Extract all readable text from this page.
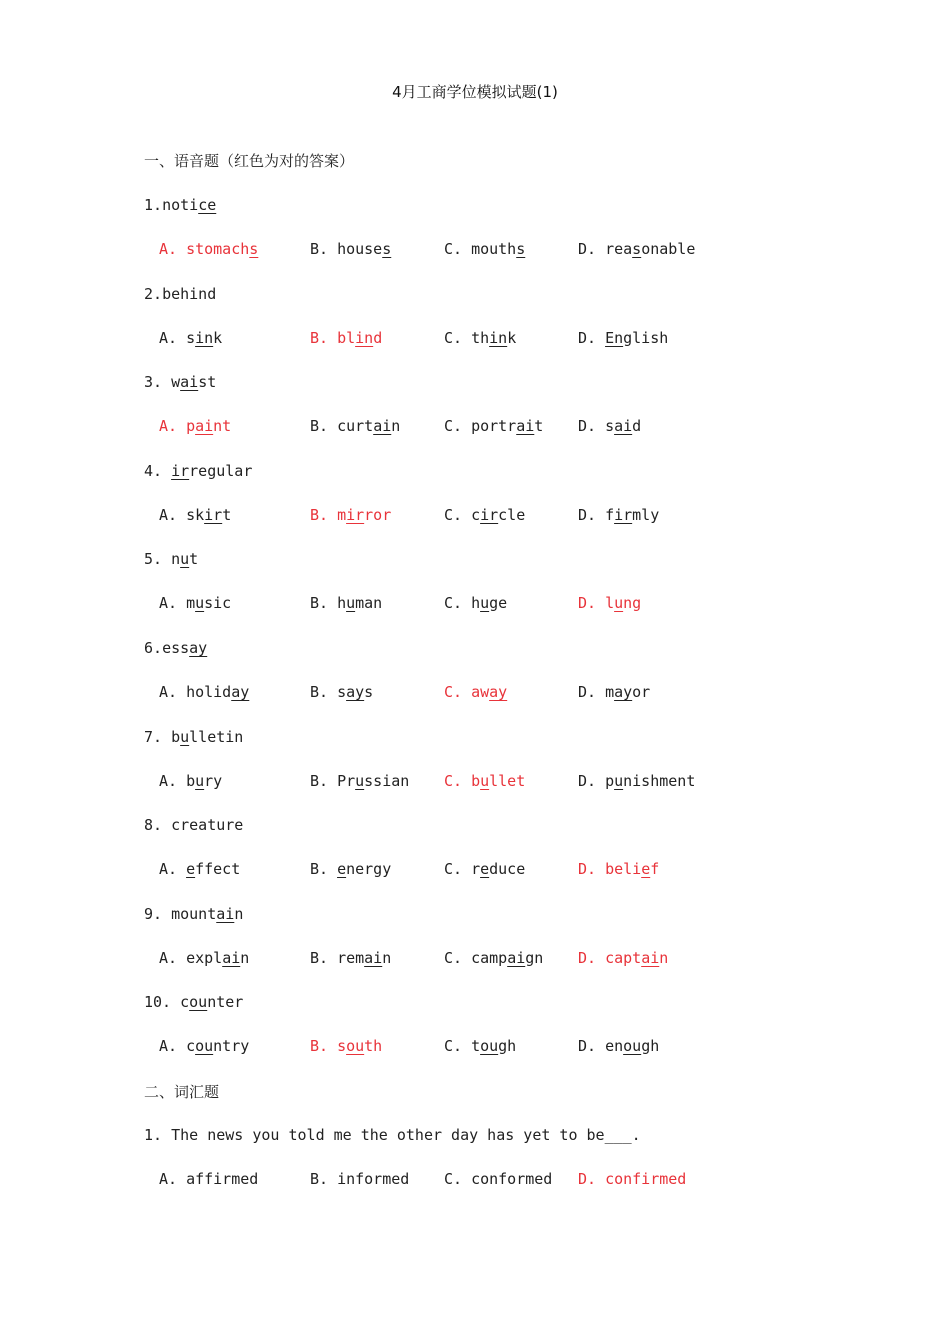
4月工商学位模拟试题(1)
一、语音题（红色为对的答案）
1.notice
A. stomachs	B. houses	C. mouths	D. reasonable
2.behind
A. sink	B. blind	C. think	D. English
3. waist
A. paint	B. curtain	C. portrait D. said
4. irregular
A. skirt	B. mirror	C. circle	D. firmly
5. nut
A. music	B. human	C. huge	D. lung
6.essay
A. holiday	B. says	C. away	D. mayor
7. bulletin
A. bury	B. Prussian C. bullet	D. punishment
8. creature
A. effect	B. energy	C. reduce	D. belief
9. mountain
A. explain	B. remain	C. campaign D. captain
10. counter
A. country	B. south	C. tough	D. enough
二、词汇题
1. The news you told me the other day has yet to be___.
A. affirmed	B. informed C. conformed D. confirmed
